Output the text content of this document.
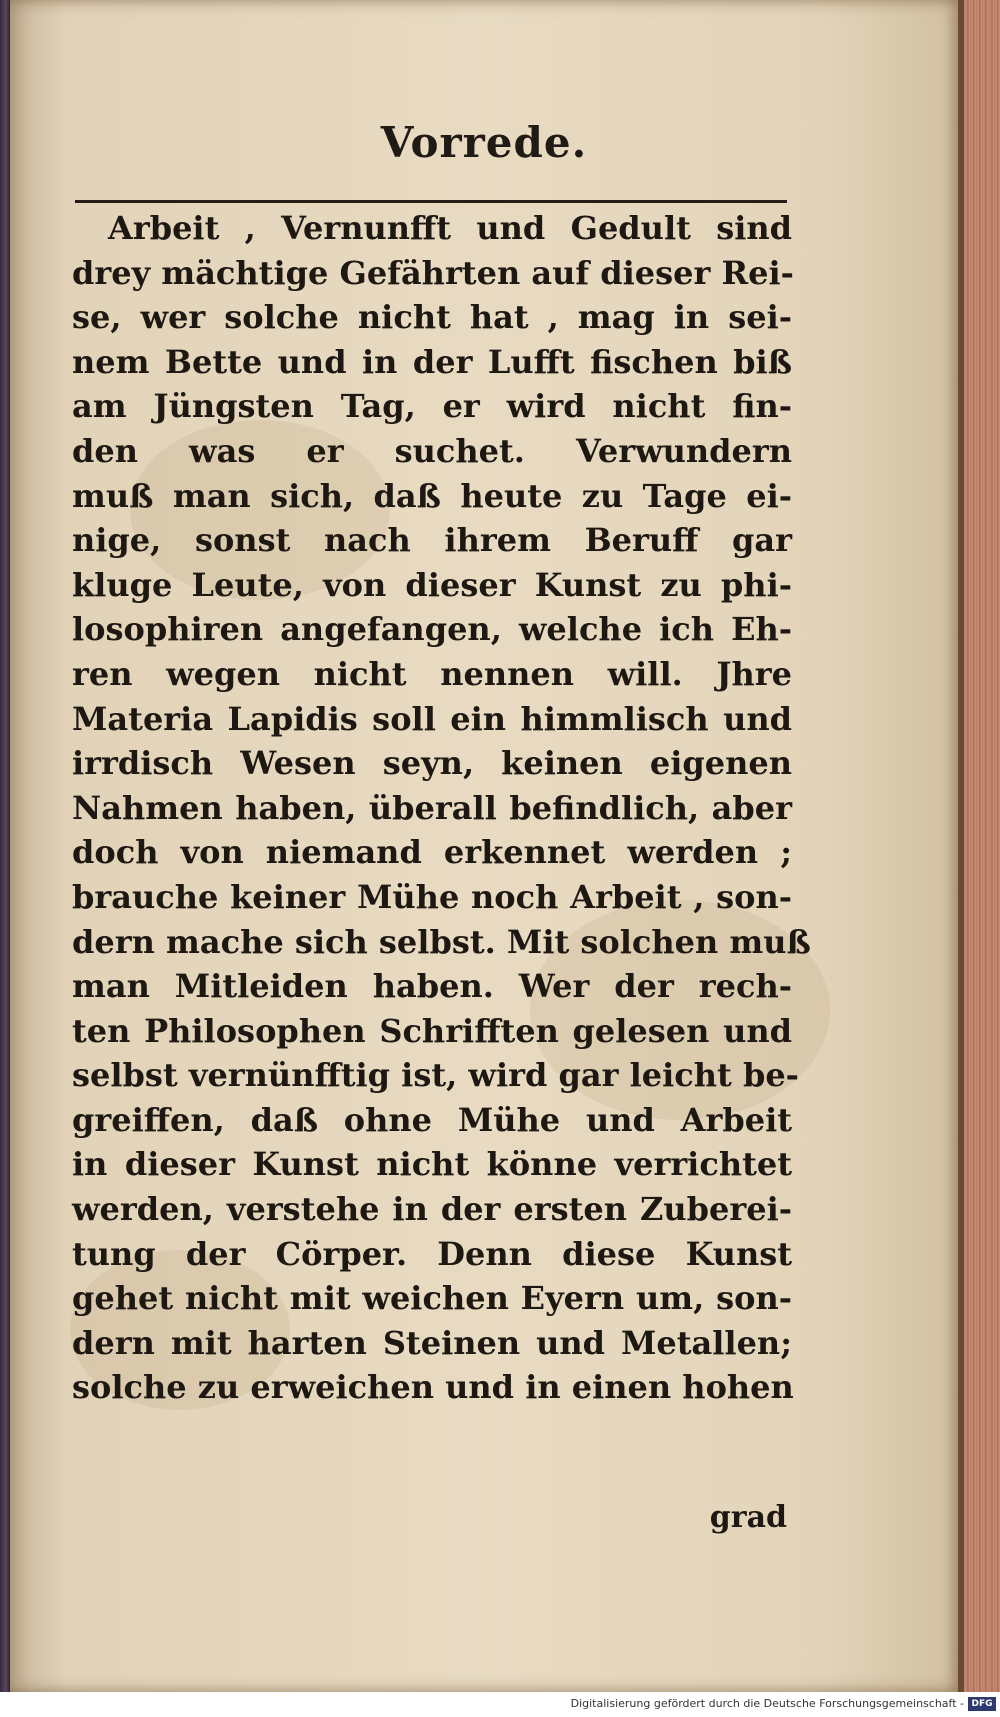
Vorrede.
Arbeit , Vernunfft und Gedult sind
drey mächtige Gefährten auf dieser Rei-
se, wer solche nicht hat , mag in sei-
nem Bette und in der Lufft fischen biß
am Jüngsten Tag, er wird nicht fin-
den was er suchet. Verwundern
muß man sich, daß heute zu Tage ei-
nige, sonst nach ihrem Beruff gar
kluge Leute, von dieser Kunst zu phi-
losophiren angefangen, welche ich Eh-
ren wegen nicht nennen will. Jhre
Materia Lapidis soll ein himmlisch und
irrdisch Wesen seyn, keinen eigenen
Nahmen haben, überall befindlich, aber
doch von niemand erkennet werden ;
brauche keiner Mühe noch Arbeit , son-
dern mache sich selbst. Mit solchen muß
man Mitleiden haben. Wer der rech-
ten Philosophen Schrifften gelesen und
selbst vernünfftig ist, wird gar leicht be-
greiffen, daß ohne Mühe und Arbeit
in dieser Kunst nicht könne verrichtet
werden, verstehe in der ersten Zuberei-
tung der Cörper. Denn diese Kunst
gehet nicht mit weichen Eyern um, son-
dern mit harten Steinen und Metallen;
solche zu erweichen und in einen hohen
grad
Digitalisierung gefördert durch die Deutsche Forschungsgemeinschaft - DFG
